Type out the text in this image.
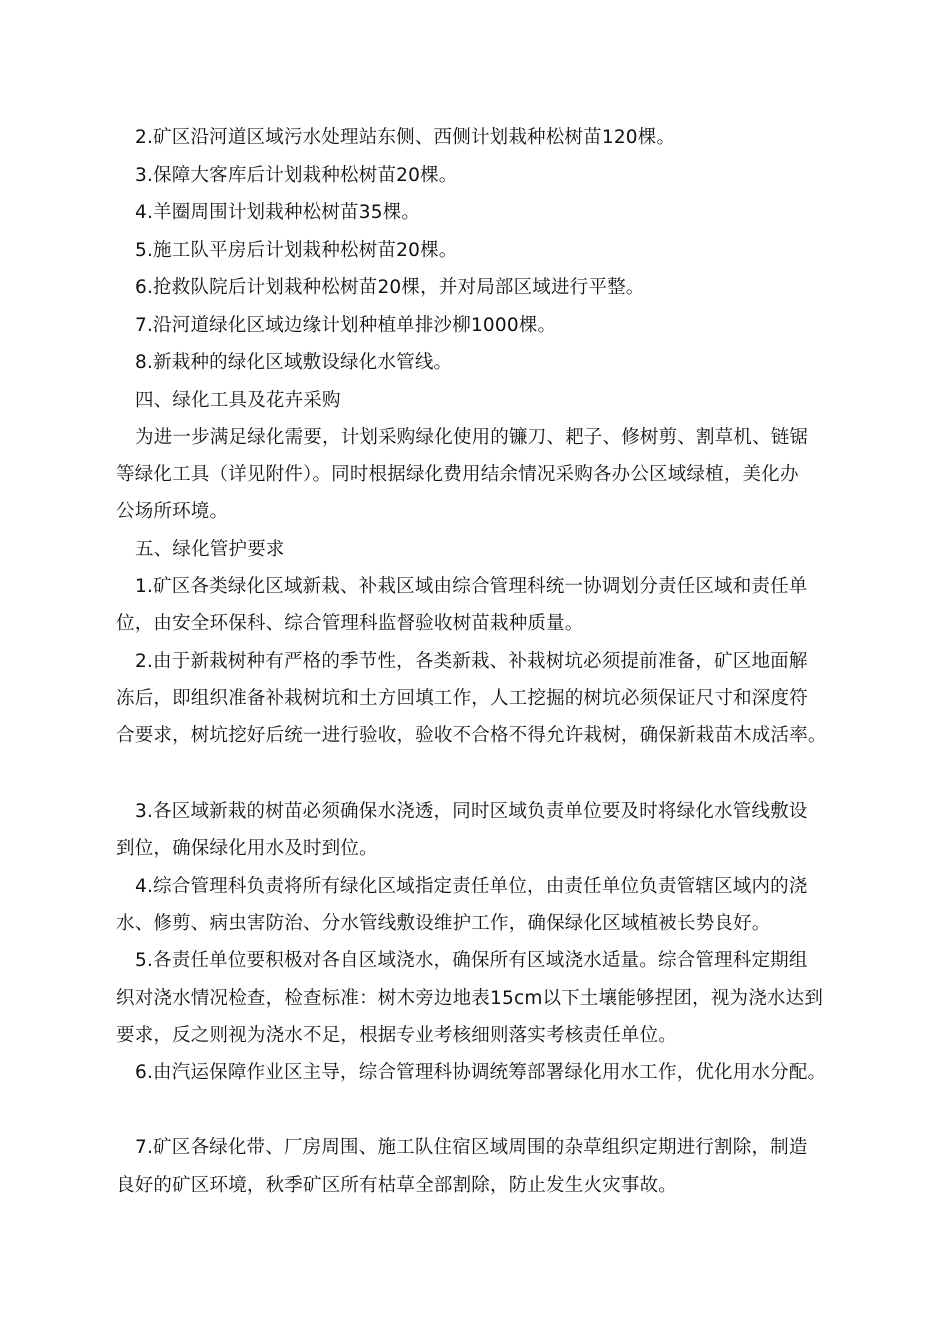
2.矿区沿河道区域污水处理站东侧、西侧计划栽种松树苗120棵。
3.保障大客库后计划栽种松树苗20棵。
4.羊圈周围计划栽种松树苗35棵。
5.施工队平房后计划栽种松树苗20棵。
6.抢救队院后计划栽种松树苗20棵，并对局部区域进行平整。
7.沿河道绿化区域边缘计划种植单排沙柳1000棵。
8.新栽种的绿化区域敷设绿化水管线。
四、绿化工具及花卉采购
为进一步满足绿化需要，计划采购绿化使用的镰刀、耙子、修树剪、割草机、链锯
等绿化工具（详见附件）。同时根据绿化费用结余情况采购各办公区域绿植，美化办
公场所环境。
五、绿化管护要求
1.矿区各类绿化区域新栽、补栽区域由综合管理科统一协调划分责任区域和责任单
位，由安全环保科、综合管理科监督验收树苗栽种质量。
2.由于新栽树种有严格的季节性，各类新栽、补栽树坑必须提前准备，矿区地面解
冻后，即组织准备补栽树坑和土方回填工作，人工挖掘的树坑必须保证尺寸和深度符
合要求，树坑挖好后统一进行验收，验收不合格不得允许栽树，确保新栽苗木成活率。
3.各区域新栽的树苗必须确保水浇透，同时区域负责单位要及时将绿化水管线敷设
到位，确保绿化用水及时到位。
4.综合管理科负责将所有绿化区域指定责任单位，由责任单位负责管辖区域内的浇
水、修剪、病虫害防治、分水管线敷设维护工作，确保绿化区域植被长势良好。
5.各责任单位要积极对各自区域浇水，确保所有区域浇水适量。综合管理科定期组
织对浇水情况检查，检查标准：树木旁边地表15cm以下土壤能够捏团，视为浇水达到
要求，反之则视为浇水不足，根据专业考核细则落实考核责任单位。
6.由汽运保障作业区主导，综合管理科协调统筹部署绿化用水工作，优化用水分配。
7.矿区各绿化带、厂房周围、施工队住宿区域周围的杂草组织定期进行割除，制造
良好的矿区环境，秋季矿区所有枯草全部割除，防止发生火灾事故。
